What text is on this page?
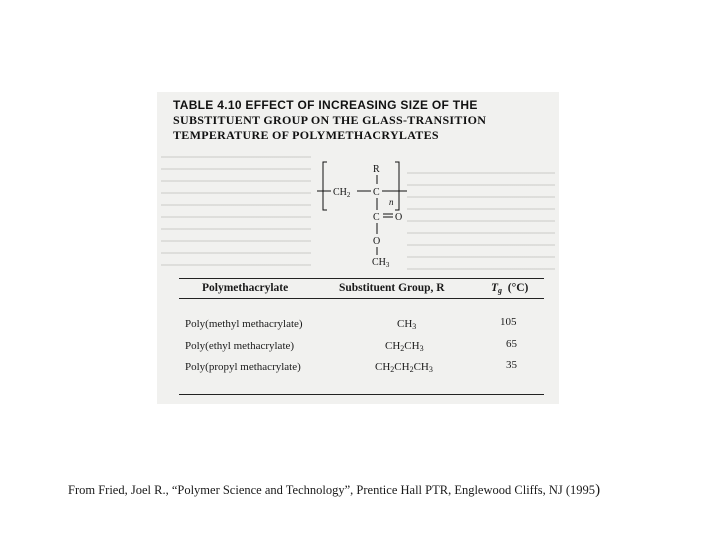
TABLE 4.10 EFFECT OF INCREASING SIZE OF THE
SUBSTITUENT GROUP ON THE GLASS-TRANSITION
TEMPERATURE OF POLYMETHACRYLATES
R
$CH_2$ C
n
C O
O
$CH_3$
Polymethacrylate	Substituent Group, R	Tg (°C)
Poly(methyl methacrylate)	$CH_3$	105
Poly(ethyl methacrylate)	$CH_2CH_3$	65
Poly(propyl methacrylate)	$CH_2CH_2CH_3$	35
From Fried, Joel R., “Polymer Science and Technology”, Prentice Hall PTR, Englewood Cliffs, NJ (1995)
